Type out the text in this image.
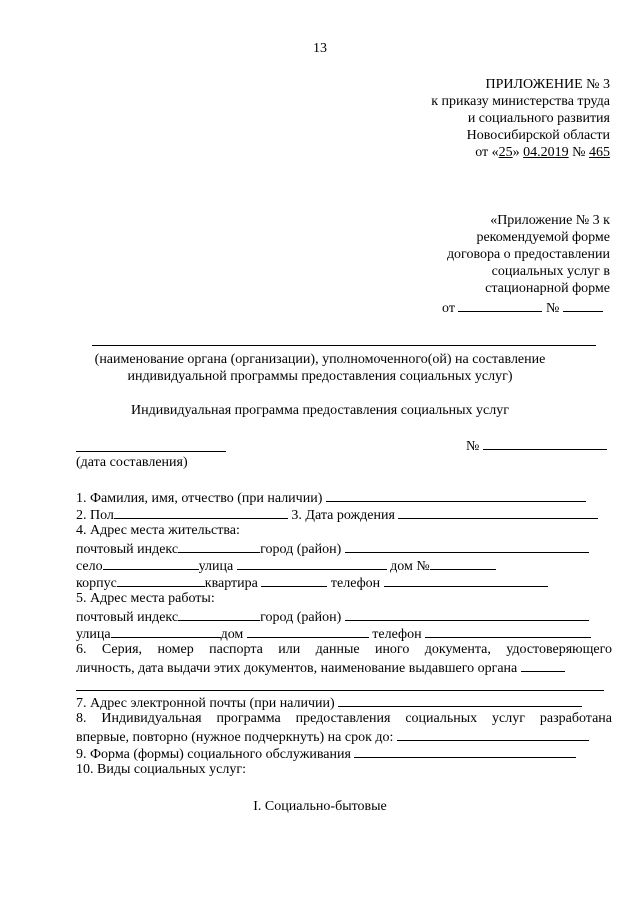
13
ПРИЛОЖЕНИЕ № 3
к приказу министерства труда
и социального развития
Новосибирской области
от «25» 04.2019 № 465
«Приложение № 3 к
рекомендуемой форме
договора о предоставлении
социальных услуг в
стационарной форме
от	№
(наименование органа (организации), уполномоченного(ой) на составление
индивидуальной программы предоставления социальных услуг)
Индивидуальная программа предоставления социальных услуг
№
(дата составления)
1. Фамилия, имя, отчество (при наличии)
2. Пол	3. Дата рождения
4. Адрес места жительства:
почтовый индекс	город (район)
село	улица	дом №
корпус	квартира	телефон
5. Адрес места работы:
почтовый индекс	город (район)
улица	дом	телефон
6. Серия, номер паспорта или данные иного документа, удостоверяющего
личность, дата выдачи этих документов, наименование выдавшего органа
7. Адрес электронной почты (при наличии)
8. Индивидуальная программа предоставления социальных услуг разработана
впервые, повторно (нужное подчеркнуть) на срок до:
9. Форма (формы) социального обслуживания
10. Виды социальных услуг:
I. Социально-бытовые
